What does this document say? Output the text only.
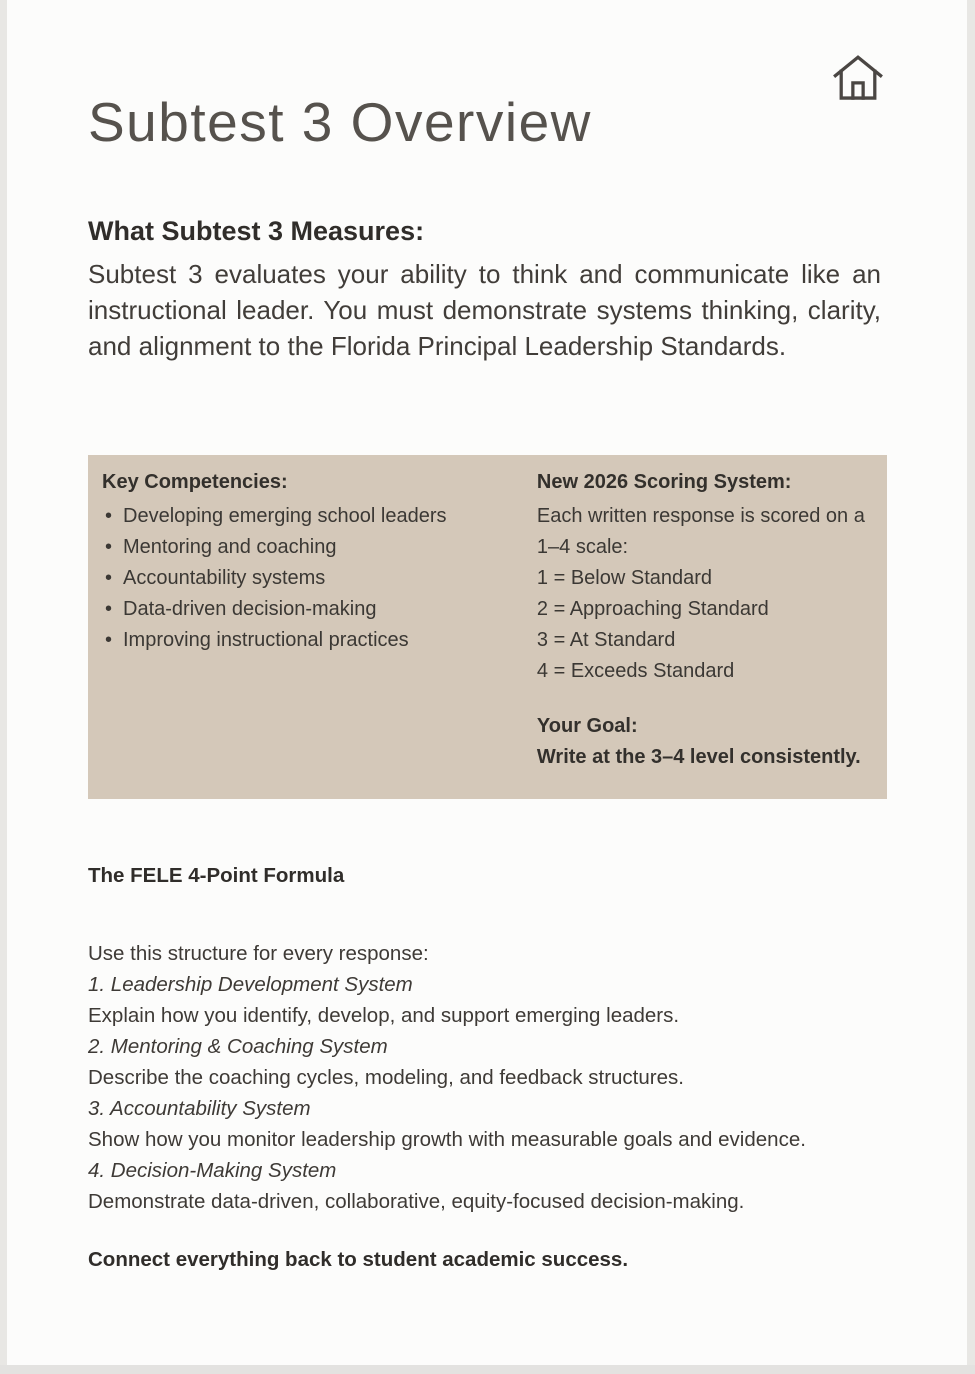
Subtest 3 Overview
What Subtest 3 Measures:

Subtest 3 evaluates your ability to think and communicate like an instructional leader. You must demonstrate systems thinking, clarity, and alignment to the Florida Principal Leadership Standards.

Key Competencies:
• Developing emerging school leaders
• Mentoring and coaching
• Accountability systems
• Data-driven decision-making
• Improving instructional practices
New 2026 Scoring System:

Each written response is scored on a 1–4 scale:

1 = Below Standard

2 = Approaching Standard

3 = At Standard

4 = Exceeds Standard

Your Goal:

Write at the 3–4 level consistently.

The FELE 4-Point Formula

Use this structure for every response:

1. Leadership Development System

Explain how you identify, develop, and support emerging leaders.

2. Mentoring & Coaching System

Describe the coaching cycles, modeling, and feedback structures.

3. Accountability System

Show how you monitor leadership growth with measurable goals and evidence.

4. Decision-Making System

Demonstrate data-driven, collaborative, equity-focused decision-making.

Connect everything back to student academic success.
